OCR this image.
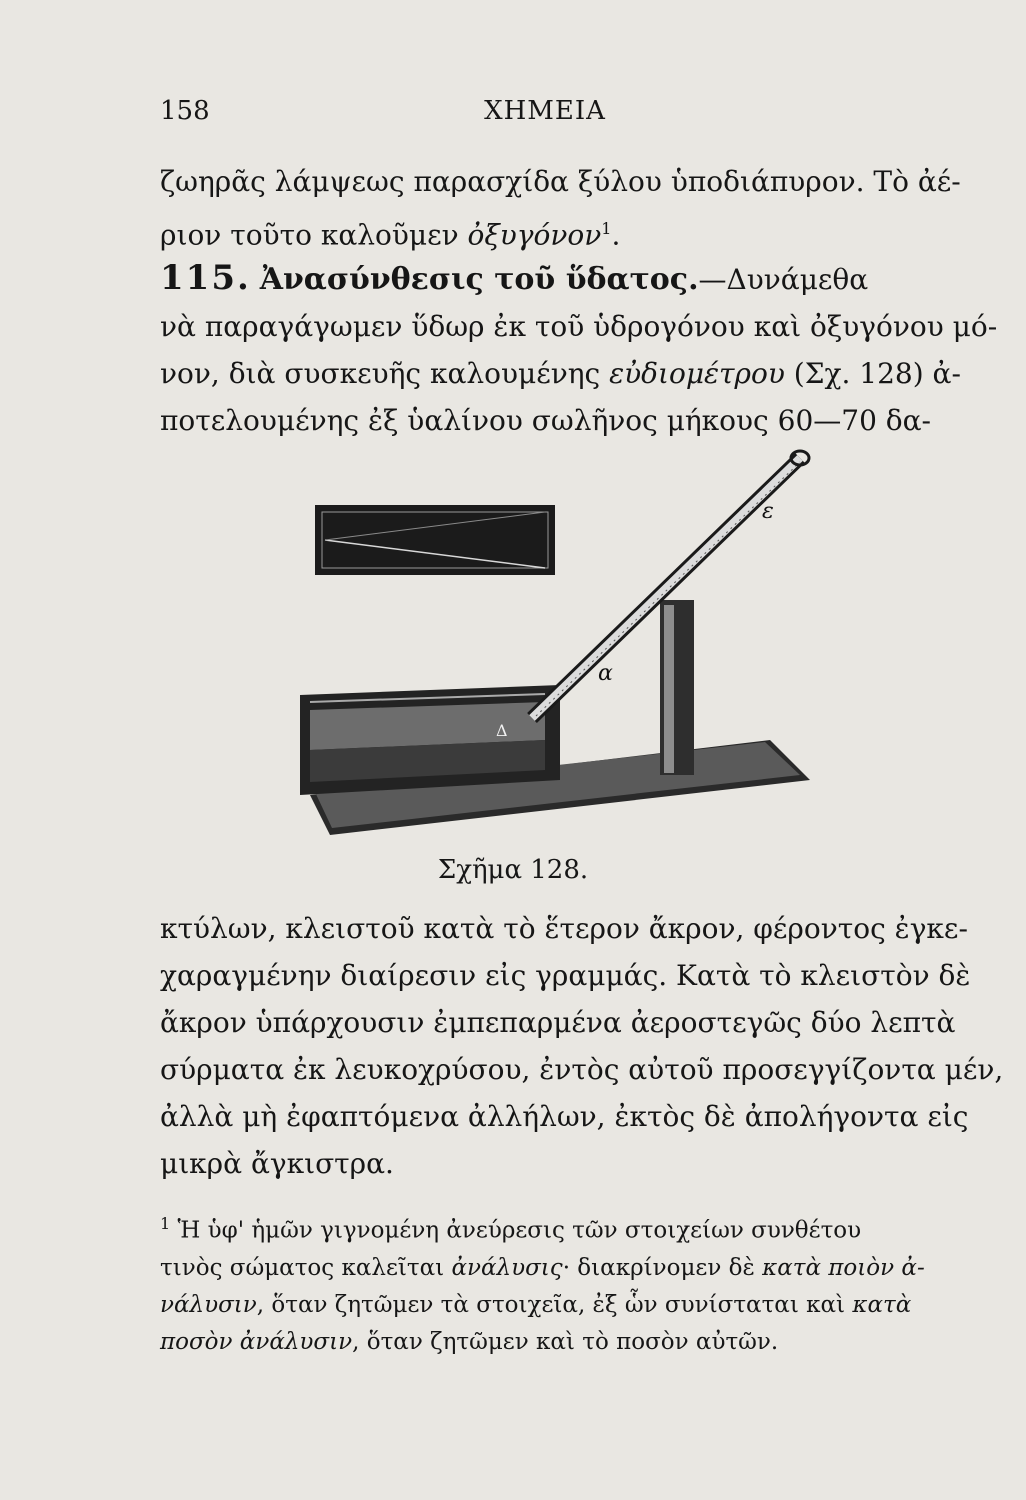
158	ΧΗΜΕΙΑ
ζωηρᾶς λάμψεως παρασχίδα ξύλου ὑποδιάπυρον. Τὸ ἀέ-
ριον τοῦτο καλοῦμεν ὀξυγόνον$^1$.
115. Ἀνασύνθεσις τοῦ ὕδατος.—Δυνάμεθα
νὰ παραγάγωμεν ὕδωρ ἐκ τοῦ ὑδρογόνου καὶ ὀξυγόνου μό-
νον, διὰ συσκευῆς καλουμένης εὐδιομέτρου (Σχ. 128) ἀ-
ποτελουμένης ἐξ ὑαλίνου σωλῆνος μήκους 60—70 δα-
ε
α
Δ
Σχῆμα 128.
κτύλων, κλειστοῦ κατὰ τὸ ἕτερον ἄκρον, φέροντος ἐγκε-
χαραγμένην διαίρεσιν εἰς γραμμάς. Κατὰ τὸ κλειστὸν δὲ
ἄκρον ὑπάρχουσιν ἐμπεπαρμένα ἀεροστεγῶς δύο λεπτὰ
σύρματα ἐκ λευκοχρύσου, ἐντὸς αὐτοῦ προσεγγίζοντα μέν,
ἀλλὰ μὴ ἐφαπτόμενα ἀλλήλων, ἐκτὸς δὲ ἀπολήγοντα εἰς
μικρὰ ἄγκιστρα.
$^1$ Ἡ ὑφ' ἡμῶν γιγνομένη ἀνεύρεσις τῶν στοιχείων συνθέτου
τινὸς σώματος καλεῖται ἀνάλυσις· διακρίνομεν δὲ κατὰ ποιὸν ἀ-
νάλυσιν, ὅταν ζητῶμεν τὰ στοιχεῖα, ἐξ ὧν συνίσταται καὶ κατὰ
ποσὸν ἀνάλυσιν, ὅταν ζητῶμεν καὶ τὸ ποσὸν αὐτῶν.
